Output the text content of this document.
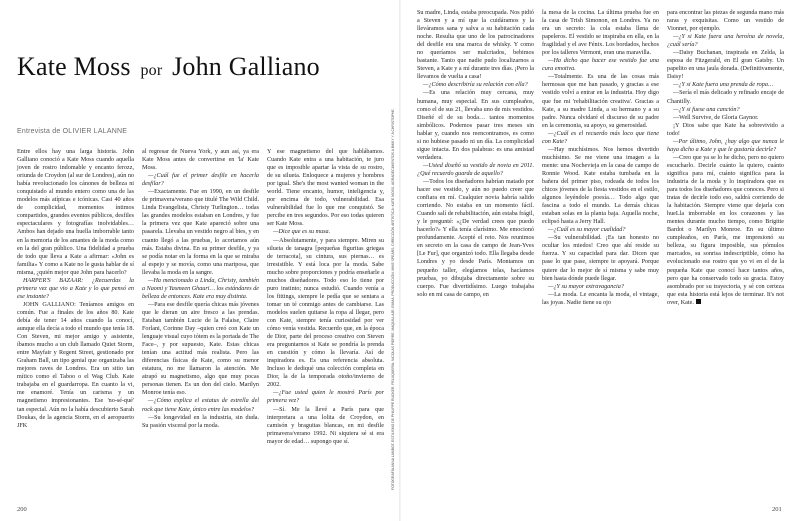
Kate Moss por John Galliano
Entrevista de OLIVIER LALANNE

Entre ellos hay una larga historia. John Galliano conoció a Kate Moss cuando aquella joven de rostro indomable y encanto ferozz, oriunda de Croydon (al sur de Londres), aún no había revolucionado los cánones de belleza ni conquistado al mundo entero como una de las modelos más atípicas e icónicas. Casi 40 años de complicidad, momentos íntimos compartidos, grandes eventos públicos, desfiles espectaculares y fotografías inolvidables… Ambos han dejado una huella imborrable tanto en la memoria de los amantes de la moda como en la del gran público. Una fidelidad a prueba de todo que lleva a Kate a afirmar: «John es familia» Y como a Kate no le gusta hablar de sí misma, ¿quién mejor que John para hacerlo?

HARPER'S BAZAAR: ¿Recuerdas la primera vez que vio a Kate y lo que pensó en ese instante?

JOHN GALLIANO: Teníamos amigos en común. Fue a finales de los años 80. Kate debía de tener 14 años cuando la conocí, aunque ella decía a todo el mundo que tenía 18. Con Steven, mi mejor amigo y asistente, íbamos mucho a un club llamado Quiet Storm, entre Mayfair y Regent Street, gestionado por Graham Ball, un tipo genial que organizaba las mejores raves de Londres. Era un sitio tan mítico como el Taboo o el Wag Club. Kate trabajaba en el guardarropa. En cuanto la vi, me enamoré. Tenía un carisma y un magnetismo impresionantes. Ese 'no-sé-qué' tan especial. Aún no la había descubierto Sarah Doukas, de la agencia Storm, en el aeropuerto JFK

al regresar de Nueva York, y aun así, ya era Kate Moss antes de convertirse en 'la' Kate Moss.

—¿Cuál fue el primer desfile en hacerla desfilar?

—Exactamente. Fue en 1990, en un desfile de primavera/verano que titulé The Wild Child. Linda Evangelista, Christy Turlington… todas las grandes modelos estaban en Londres, y fue la primera vez que Kate apareció sobre una pasarela. Llevaba un vestido negro al bies, y en cuanto llegó a las pruebas, lo acortamos aún más. Estaba divina. En su primer desfile, y ya se podía notar en la forma en la que se miraba al espejo y se movía, como una mariposa, que llevaba la moda en la sangre.

—Ha mencionado a Linda, Christy, también a Naomi y Yasmeen Ghauri… los estándares de belleza de entonces. Kate era muy distinta.

—Para ese desfile quería chicas más jóvenes que le dieran un aire fresco a las prendas. Estaban también Lucie de la Falaise, Claire Forlani, Corinne Day –quien creó con Kate un lenguaje visual cuyo tótem es la portada de The Face–, y por supuesto, Kate. Estas chicas tenían una actitud más realista. Pero las diferencias físicas de Kate, como su menor estatura, no me llamaron la atención. Me atrapó su magnetismo, algo que muy pocas personas tienen. Es un don del cielo. Marilyn Monroe tenía eso.

—¿Cómo explica el estatus de estrella del rock que tiene Kate, único entre las modelos?

—Su longevidad en la industria, sin duda. Su pasión visceral por la moda.

Y ese magnetismo del que hablábamos. Cuando Kate entra a una habitación, te juro que es imposible apartar la vista de su rostro, de su silueta. Enloquece a mujeres y hombres por igual. She's the most wanted woman in the world. Tiene encanto, humor, inteligencia y, por encima de todo, vulnerabilidad. Esa vulnerabilidad fue lo que me conquistó. Se percibe en tres segundos. Por eso todas quieren ser Kate Moss.

—Dice que es su musa.

—Absolutamente, y para siempre. Miren su silueta de tanagra [pequeñas figuritas griegas de terracota], su cintura, sus piernas… es irresistible. Y está loca por la moda. Sabe mucho sobre proporciones y podría enseñarle a muchos diseñadores. Todo eso lo tiene por puro instinto; nunca estudió. Cuando venía a los fittings, siempre le pedía que se sentara a tomar un té conmigo antes de cambiarse. Las modelos suelen quitarse la ropa al llegar, pero con Kate, siempre tenía curiosidad por ver cómo venía vestida. Recuerdo que, en la época de Dior, parte del proceso creativo con Steven era preguntarnos si Kate se pondría la prenda en cuestión y cómo la llevaría. Así de inspiradora es. Es una referencia absoluta. Incluso le dediqué una colección completa en Dior, la de la temporada otoño/invierno de 2002.

—¿Fue usted quien le mostró París por primera vez?

—Sí. Me la llevé a París para que interpretara a una lolita de Croydon, en camisón y braguitas blancas, en mi desfile primavera/verano 1992. Ni siquiera sé si era mayor de edad… supongo que sí.	FOTOGRAFÍA ANNA LAMBOT. ESTILISMO DE PHILIPPE RUCKER. PELUQUERÍA: NICOLAS PIERRE. MAQUILLAJE: EMMA. PRODUCCIÓN: MIKE SPEARS. DIRECCIÓN ARTÍSTICA: KATE MOSS. AGRADECIMIENTOS A BIKKY Y A CHRISTOPHE.

Su madre, Linda, estaba preocupada. Nos pidió a Steven y a mí que la cuidáramos y la lleváramos sana y salva a su habitación cada noche. Resulta que uno de los patrocinadores del desfile era una marca de whisky. Y como no queríamos ser malcriados, bebimos bastante. Tanto que nadie pudo localizarnos a Steven, a Kate y a mí durante tres días. ¡Pero la llevamos de vuelta a casa!

—¿Cómo describiría su relación con ella?

—Es una relación muy cercana, muy humana, muy especial. En sus cumpleaños, como el de sus 21, llevaba uno de mis vestidos. Diseñé el de su boda… tantos momentos simbólicos. Podemos pasar tres meses sin hablar y, cuando nos reencontramos, es como si no hubiese pasado ni un día. La complicidad sigue intacta. En dos palabras: es una amistad verdadera.

—Usted diseñó su vestido de novia en 2011. ¿Qué recuerdo guarda de aquello?

—Todos los diseñadores habrían matado por hacer ese vestido, y aún no puedo creer que confiara en mí. Cualquier novia habría salido corriendo. No estaba en un momento fácil. Cuando salí de rehabilitación, aún estaba frágil, y le pregunté: «¿De verdad crees que puedo hacerlo?» Y ella tenía clarísimo. Me emocionó profundamente. Acepté el reto. Nos reunimos en secreto en la casa de campo de Jean-Yves [Le Fur], que organizó todo. Ella llegaba desde Londres y yo desde París. Montamos un pequeño taller, elegíamos telas, hacíamos pruebas, yo dibujaba directamente sobre su cuerpo. Fue divertidísimo. Luego trabajaba solo en mi casa de campo, en

la mesa de la cocina. La última prueba fue en la casa de Trish Simonon, en Londres. Ya no era un secreto: la cola estaba llena de papeleros. El vestido se inspiraba en ella, en la fragilidad y el ave Fénix. Los bordados, hechos por los talleres Vermont, eran una maravilla.

—Ha dicho que hacer ese vestido fue una cura emotiva.

—Totalmente. Es una de las cosas más hermosas que me han pasado, y gracias a ese vestido volví a entrar en la industria. Hoy digo que fue mi 'rehabilitación creativa'. Gracias a Kate, a su madre Linda, a su hermano y a su padre. Nunca olvidaré el discurso de su padre en la ceremonia, su apoyo, su generosidad.

—¿Cuál es el recuerdo más loco que tiene con Kate?

—Hay muchísimos. Nos hemos divertido muchísimo. Se me viene una imagen a la mente: una Nochevieja en la casa de campo de Ronnie Wood. Kate estaba tumbada en la bañera del primer piso, rodeada de todos los chicos jóvenes de la fiesta vestidos en el estilo, algunos leyéndole poesía… Todo algo que fascina a todo el mundo. La demás chicas estaban solas en la planta baja. Aquella noche, eclipsó hasta a Jerry Hall.

—¿Cuál es su mayor cualidad?

—Su vulnerabilidad. ¡Es tan honesto no ocultar los miedos! Creo que ahí reside su fuerza. Y su capacidad para dar. Dicen que pase lo que pase, siempre te apoyará. Porque quiere dar lo mejor de sí misma y sabe muy bien hasta dónde puede llegar.

—¿Y su mayor extravagancia?

—La moda. Le encanta la moda, el vintage, las joyas. Nadie tiene su ojo

para encontrar las piezas de segunda mano más raras y exquisitas. Como un vestido de Vionnet, por ejemplo.

—¿Y si Kate fuera una heroína de novela, ¿cuál sería?

—Daisy Buchanan, inspirada en Zelda, la esposa de Fitzgerald, en El gran Gatsby. Un papelito en una jaula dorada. (Definitivamente, Daisy!

—¿Y si Kate fuera una prenda de ropa…

—Sería el más delicado y refinado encaje de Chantilly.

—¿Y si fuese una canción?

—Well Survive, de Gloria Gaynor.

¡Y Dios sabe que Kate ha sobrevivido a todo!

—Por último, John, ¿hay algo que nunca le haya dicho a Kate y que le gustaría decirle?

—Creo que ya se lo he dicho, pero no quiero escucharlo. Decirle cuánto la quiero, cuánto significa para mí, cuánto significa para la industria de la moda y lo inspiradora que es para todos los diseñadores que conoces. Pero si tratas de decirle todo eso, saldrá corriendo de la habitación. Siempre viene que dejarla con hueLla imborrable en los corazones y las mentes durante mucho tiempo, como Brigitte Bardot o Marilyn Monroe. En su último cumpleaños, en París, me impresionó su belleza, su figura imposible, sus pómulos marcados, su sonrisa indescriptible, cómo ha evolucionado ese rostro que yo vi en el de la pequeña Kate que conocí hace tantos años, pero que ha conservado todo su gracia. Estoy asombrado por su trayectoria, y sé con certeza que esta historia está lejos de terminar. It's not over, Kate.

200	201
